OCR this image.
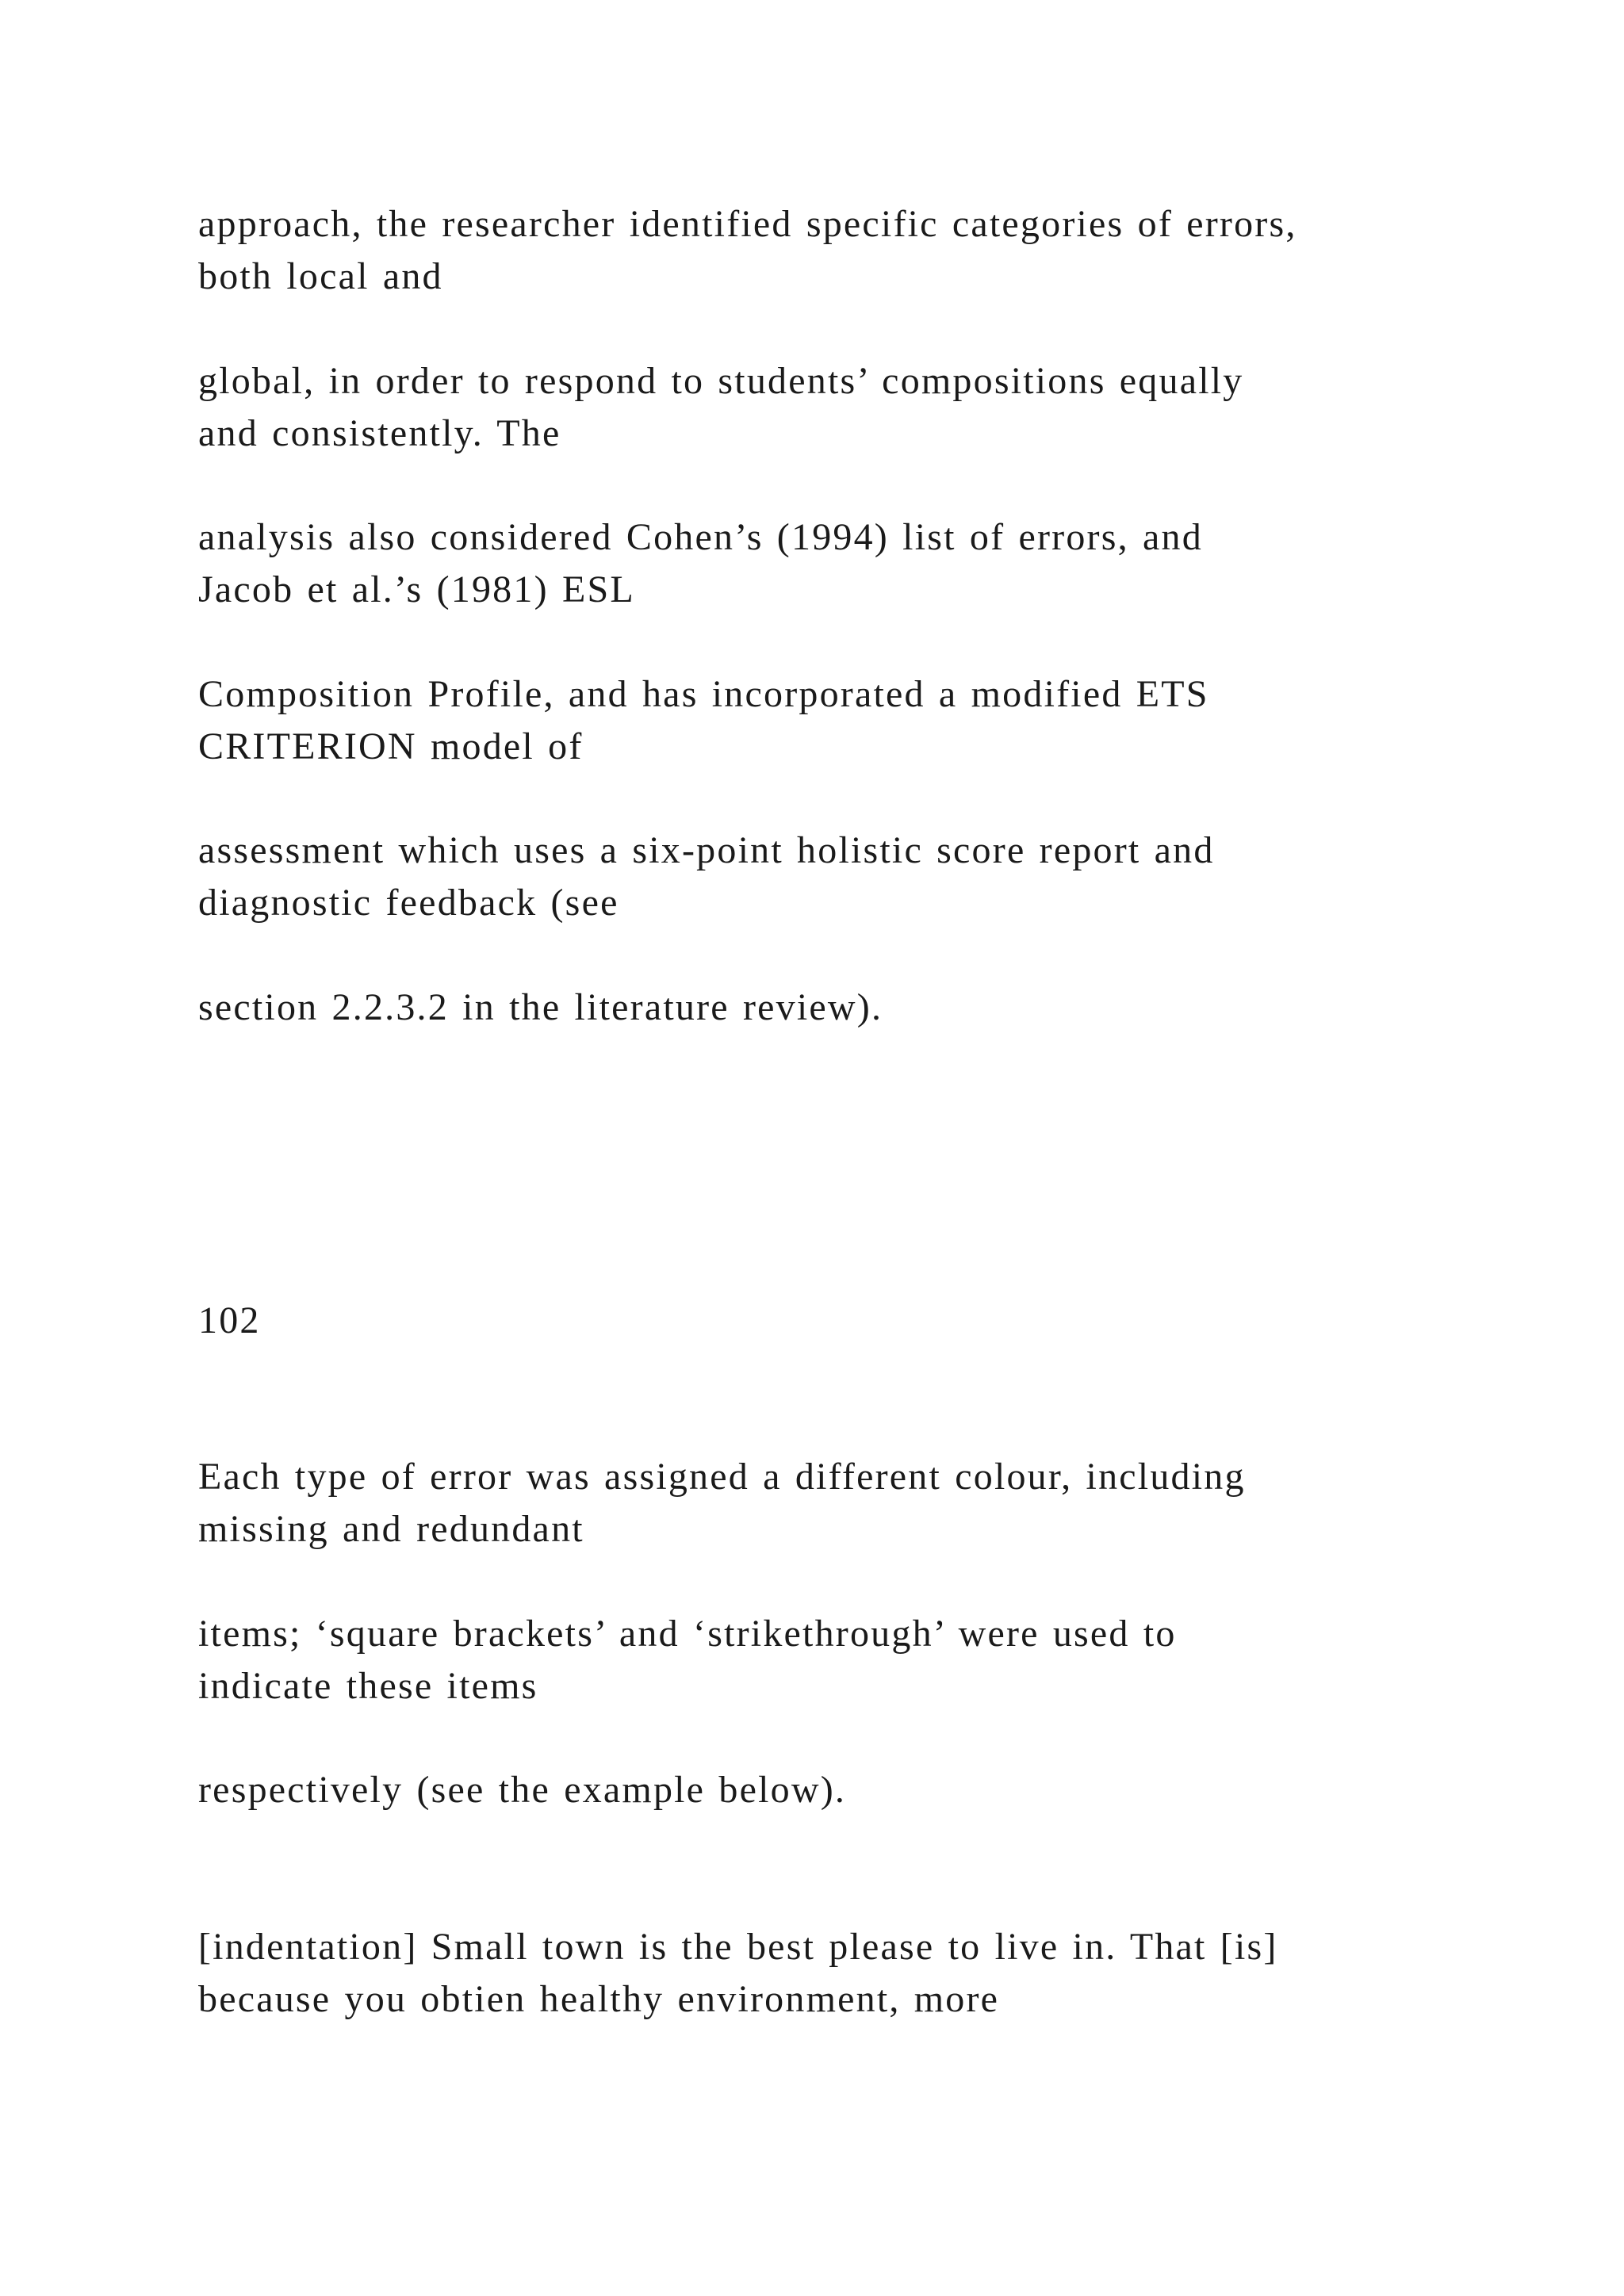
approach, the researcher identified specific categories of errors,
both local and

global, in order to respond to students’ compositions equally
and consistently. The

analysis also considered Cohen’s (1994) list of errors, and
Jacob et al.’s (1981) ESL

Composition Profile, and has incorporated a modified ETS
CRITERION model of

assessment which uses a six-point holistic score report and
diagnostic feedback (see

section 2.2.3.2 in the literature review).

102

Each type of error was assigned a different colour, including
missing and redundant

items; ‘square brackets’ and ‘strikethrough’ were used to
indicate these items

respectively (see the example below).

[indentation] Small town is the best please to live in. That [is]
because you obtien healthy environment, more
